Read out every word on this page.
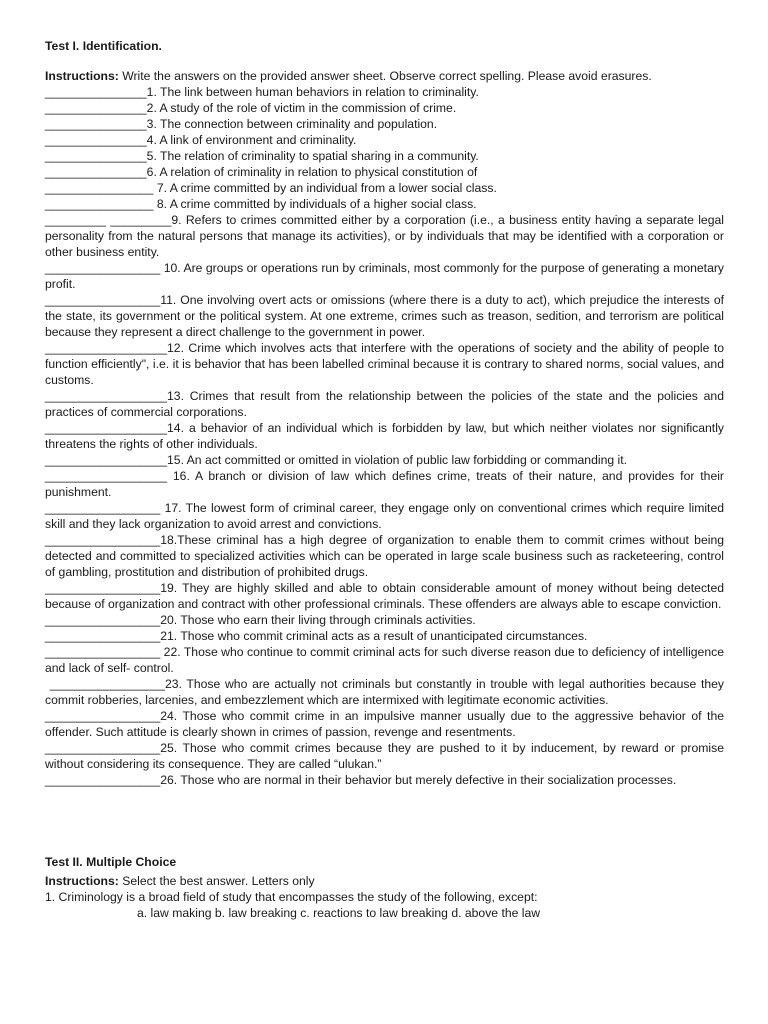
Test I. Identification.

Instructions: Write the answers on the provided answer sheet. Observe correct spelling. Please avoid erasures.

_______________1. The link between human behaviors in relation to criminality.
_______________2. A study of the role of victim in the commission of crime.
_______________3. The connection between criminality and population.
_______________4. A link of environment and criminality.
_______________5. The relation of criminality to spatial sharing in a community.
_______________6. A relation of criminality in relation to physical constitution of
________________ 7. A crime committed by an individual from a lower social class.
________________ 8. A crime committed by individuals of a higher social class.
_________ _________9. Refers to crimes committed either by a corporation (i.e., a business entity having a separate legal personality from the natural persons that manage its activities), or by individuals that may be identified with a corporation or other business entity.
_________________ 10. Are groups or operations run by criminals, most commonly for the purpose of generating a monetary profit.
_________________11. One involving overt acts or omissions (where there is a duty to act), which prejudice the interests of the state, its government or the political system. At one extreme, crimes such as treason, sedition, and terrorism are political because they represent a direct challenge to the government in power.
__________________12. Crime which involves acts that interfere with the operations of society and the ability of people to function efficiently", i.e. it is behavior that has been labelled criminal because it is contrary to shared norms, social values, and customs.
__________________13. Crimes that result from the relationship between the policies of the state and the policies and practices of commercial corporations.
__________________14. a behavior of an individual which is forbidden by law, but which neither violates nor significantly threatens the rights of other individuals.
__________________15. An act committed or omitted in violation of public law forbidding or commanding it.
__________________ 16. A branch or division of law which defines crime, treats of their nature, and provides for their punishment.
_________________ 17. The lowest form of criminal career, they engage only on conventional crimes which require limited skill and they lack organization to avoid arrest and convictions.
_________________18.These criminal has a high degree of organization to enable them to commit crimes without being detected and committed to specialized activities which can be operated in large scale business such as racketeering, control of gambling, prostitution and distribution of prohibited drugs.
_________________19. They are highly skilled and able to obtain considerable amount of money without being detected because of organization and contract with other professional criminals. These offenders are always able to escape conviction.
_________________20. Those who earn their living through criminals activities.
_________________21. Those who commit criminal acts as a result of unanticipated circumstances.
_________________ 22. Those who continue to commit criminal acts for such diverse reason due to deficiency of intelligence and lack of self- control.
_________________23. Those who are actually not criminals but constantly in trouble with legal authorities because they commit robberies, larcenies, and embezzlement which are intermixed with legitimate economic activities.
_________________24. Those who commit crime in an impulsive manner usually due to the aggressive behavior of the offender. Such attitude is clearly shown in crimes of passion, revenge and resentments.
_________________25. Those who commit crimes because they are pushed to it by inducement, by reward or promise without considering its consequence. They are called “ulukan.”
_________________26. Those who are normal in their behavior but merely defective in their socialization processes.

Test II. Multiple Choice

Instructions: Select the best answer. Letters only

1. Criminology is a broad field of study that encompasses the study of the following, except:

a. law making b. law breaking c. reactions to law breaking d. above the law
